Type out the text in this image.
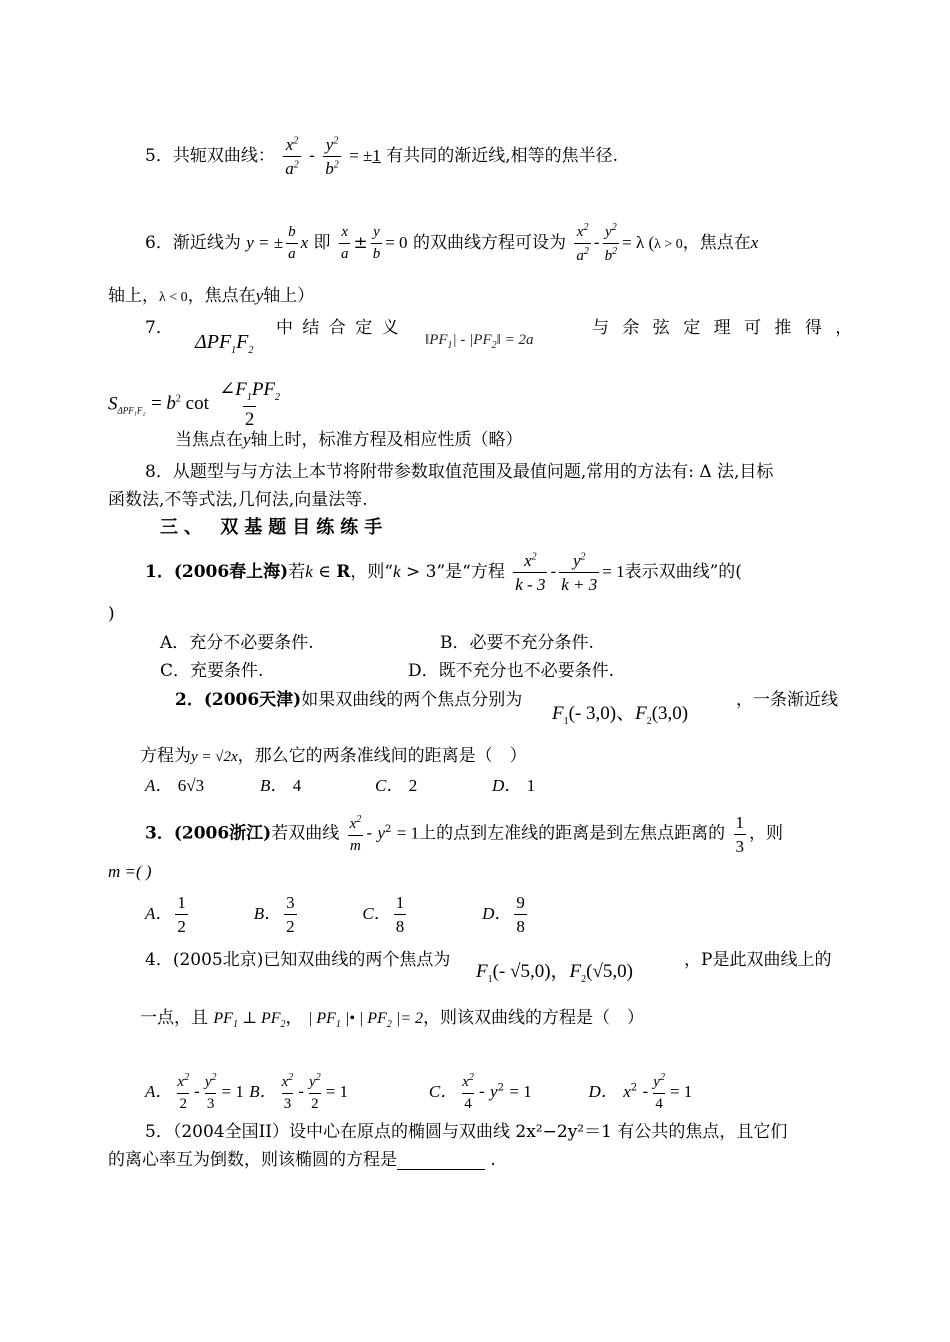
5．共轭双曲线： $\frac{x^2}{a^2} - \frac{y^2}{b^2} = \pm 1$ 有共同的渐近线,相等的焦半径.
6．渐近线为 y = ± $\frac{b}{a}$ x 即 $\frac{x}{a} \pm \frac{y}{b} = 0$ 的双曲线方程可设为 $\frac{x^2}{a^2} - \frac{y^2}{b^2} = \lambda$ (λ > 0，焦点在x
轴上，λ < 0，焦点在y轴上）
7．
$\Delta PF_1F_2$
中 结 合 定 义
$‖PF_1|$ - $|PF_2‖ = 2a$
与 余 弦 定 理 可 推 得 ，
$S_{\Delta PF_1F_2} = b^2$ $\cot \frac{\angle F_1PF_2}{2}$
当焦点在y轴上时，标准方程及相应性质（略）
8．从题型与与方法上本节将附带参数取值范围及最值问题,常用的方法有: Δ 法,目标
函数法,不等式法,几何法,向量法等.
三、 双基题目练练手
1．(2006春上海)若k ∈ R，则“k > 3”是“方程 $\frac{x^2}{k - 3} - \frac{y^2}{k + 3} = 1$表示双曲线”的(
)
A．充分不必要条件.	B．必要不充分条件.
C．充要条件.	D．既不充分也不必要条件.
2．(2006天津)如果双曲线的两个焦点分别为
$F_1(-$ 3,0)、$F_2(3,0)$
，一条渐近线
方程为y = √2x，那么它的两条准线间的距离是（　）
A． 6√3	B． 4	C． 2	D． 1
3．(2006浙江)若双曲线 $\frac{x^2}{m} - y^2 = 1$上的点到左准线的距离是到左焦点距离的 $\frac{1}{3}$ ，则
m =( )
A． $\frac{1}{2}$	B． $\frac{3}{2}$	C． $\frac{1}{8}$	D． $\frac{9}{8}$
4．(2005北京)已知双曲线的两个焦点为
$F_1(-$ √5,0)，$F_2(√5,0)$
，P是此双曲线上的
一点，且 $PF_1$ ⊥ $PF_2$， | $PF_1$ |• | $PF_2$ |= 2，则该双曲线的方程是（　）
A． $\frac{x^2}{2} - \frac{y^2}{3} = 1$ B． $\frac{x^2}{3} - \frac{y^2}{2} = 1$	C． $\frac{x^2}{4} - y^2 = 1$	D． $x^2 - \frac{y^2}{4} = 1$
5．（2004全国II）设中心在原点的椭圆与双曲线 2x²−2y²＝1 有公共的焦点，且它们
的离心率互为倒数，则该椭圆的方程是	.
